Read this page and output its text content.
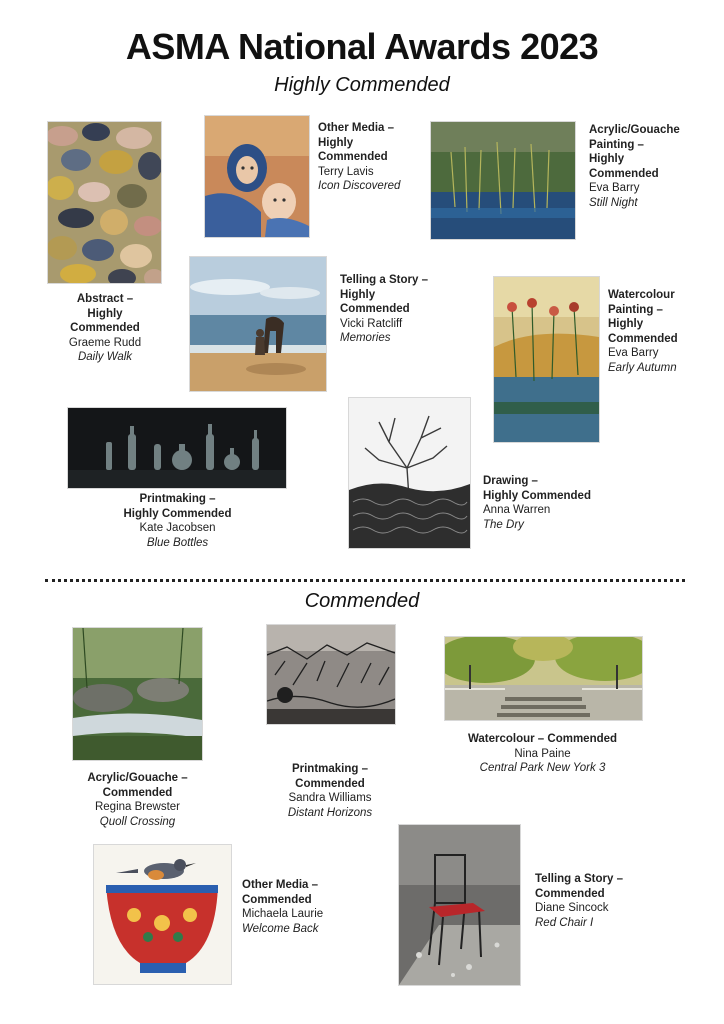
ASMA National Awards 2023
Highly Commended
Abstract –
Highly
Commended
Graeme Rudd
Daily Walk
Other Media –
Highly
Commended
Terry Lavis
Icon Discovered
Acrylic/Gouache
Painting –
Highly
Commended
Eva Barry
Still Night
Telling a Story –
Highly
Commended
Vicki Ratcliff
Memories
Watercolour
Painting –
Highly
Commended
Eva Barry
Early Autumn
Printmaking –
Highly Commended
Kate Jacobsen
Blue Bottles
Drawing –
Highly Commended
Anna Warren
The Dry
Commended
Acrylic/Gouache –
Commended
Regina Brewster
Quoll Crossing
Printmaking –
Commended
Sandra Williams
Distant Horizons
Watercolour – Commended
Nina Paine
Central Park New York 3
Other Media –
Commended
Michaela Laurie
Welcome Back
Telling a Story –
Commended
Diane Sincock
Red Chair I
